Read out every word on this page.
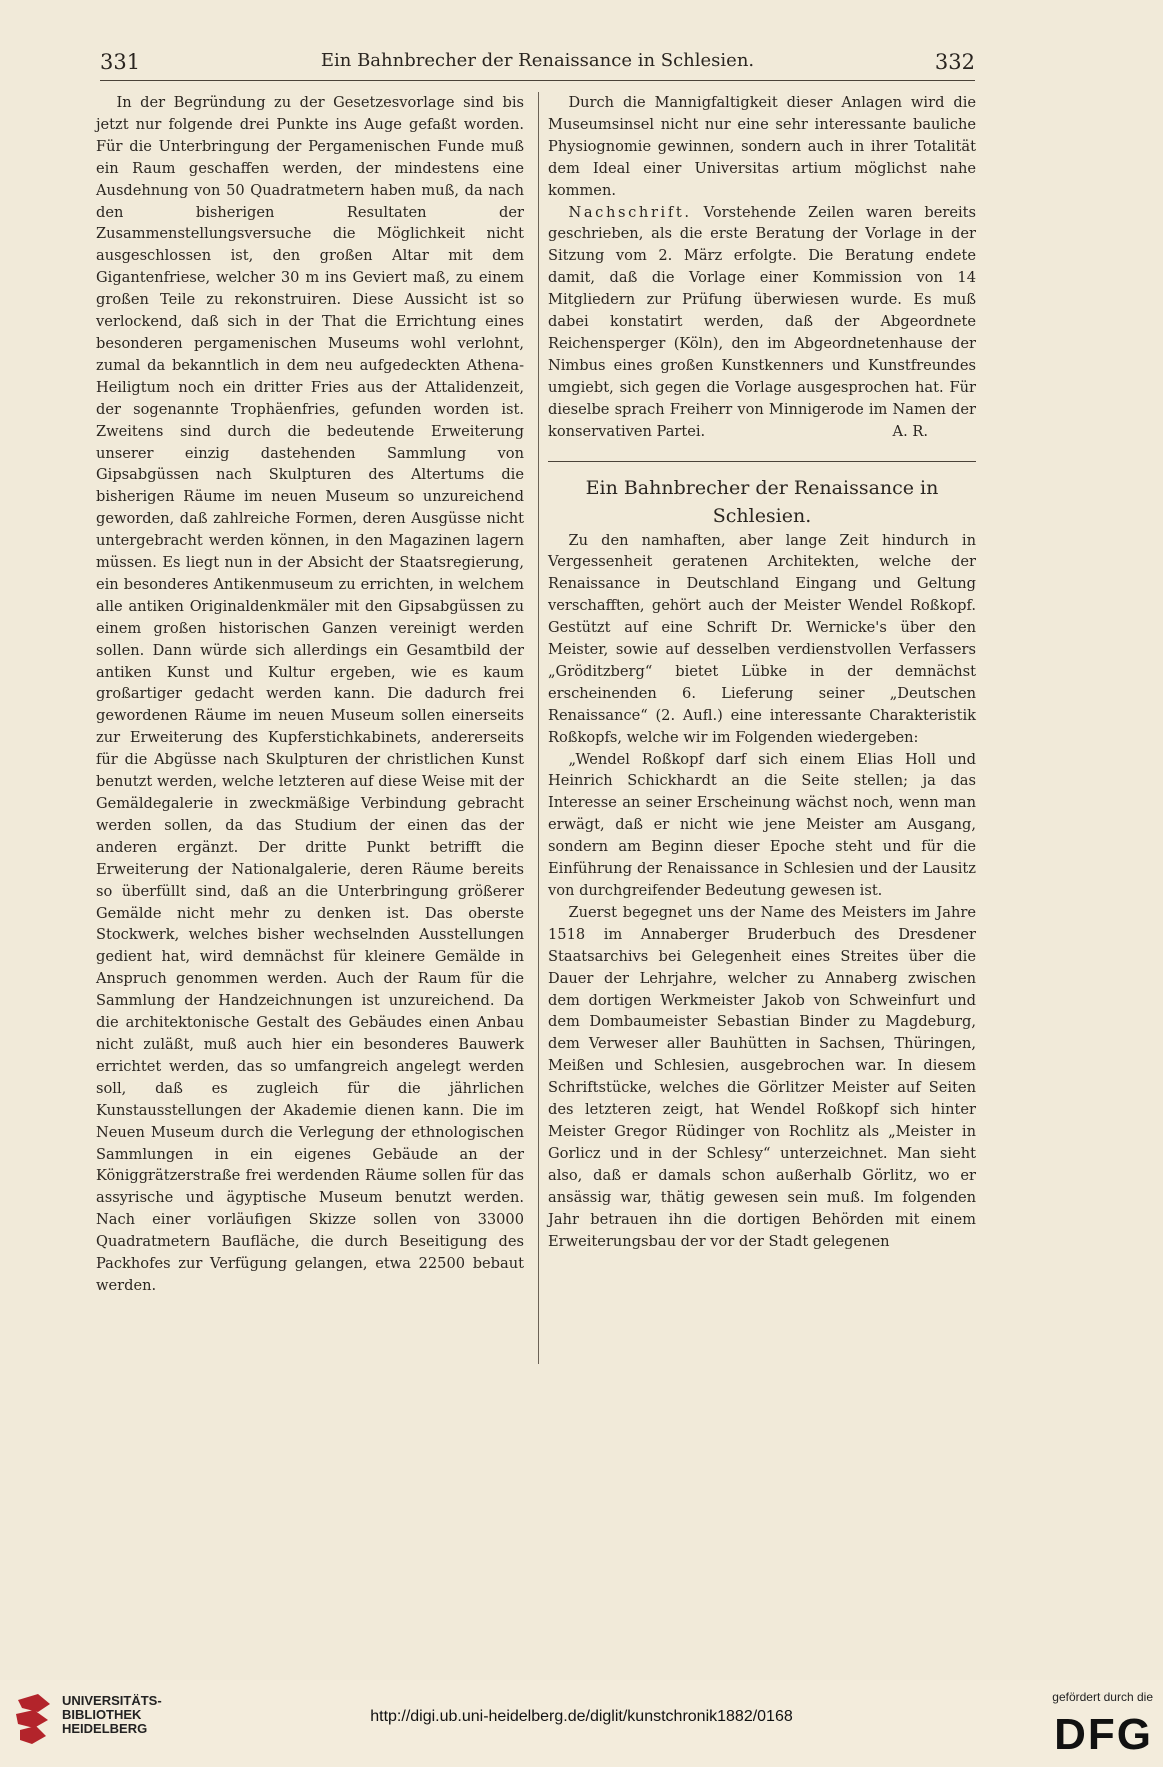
331	Ein Bahnbrecher der Renaissance in Schlesien.	332

In der Begründung zu der Gesetzesvorlage sind bis jetzt nur folgende drei Punkte ins Auge gefaßt worden. Für die Unterbringung der Pergamenischen Funde muß ein Raum geschaffen werden, der mindestens eine Ausdehnung von 50 Quadratmetern haben muß, da nach den bisherigen Resultaten der Zusammenstellungsversuche die Möglichkeit nicht ausgeschlossen ist, den großen Altar mit dem Gigantenfriese, welcher 30 m ins Geviert maß, zu einem großen Teile zu rekonstruiren. Diese Aussicht ist so verlockend, daß sich in der That die Errichtung eines besonderen pergamenischen Museums wohl verlohnt, zumal da bekanntlich in dem neu aufgedeckten Athena-Heiligtum noch ein dritter Fries aus der Attalidenzeit, der sogenannte Trophäenfries, gefunden worden ist. Zweitens sind durch die bedeutende Erweiterung unserer einzig dastehenden Sammlung von Gipsabgüssen nach Skulpturen des Altertums die bisherigen Räume im neuen Museum so unzureichend geworden, daß zahlreiche Formen, deren Ausgüsse nicht untergebracht werden können, in den Magazinen lagern müssen. Es liegt nun in der Absicht der Staatsregierung, ein besonderes Antikenmuseum zu errichten, in welchem alle antiken Originaldenkmäler mit den Gipsabgüssen zu einem großen historischen Ganzen vereinigt werden sollen. Dann würde sich allerdings ein Gesamtbild der antiken Kunst und Kultur ergeben, wie es kaum großartiger gedacht werden kann. Die dadurch frei gewordenen Räume im neuen Museum sollen einerseits zur Erweiterung des Kupferstichkabinets, andererseits für die Abgüsse nach Skulpturen der christlichen Kunst benutzt werden, welche letzteren auf diese Weise mit der Gemäldegalerie in zweckmäßige Verbindung gebracht werden sollen, da das Studium der einen das der anderen ergänzt. Der dritte Punkt betrifft die Erweiterung der Nationalgalerie, deren Räume bereits so überfüllt sind, daß an die Unterbringung größerer Gemälde nicht mehr zu denken ist. Das oberste Stockwerk, welches bisher wechselnden Ausstellungen gedient hat, wird demnächst für kleinere Gemälde in Anspruch genommen werden. Auch der Raum für die Sammlung der Handzeichnungen ist unzureichend. Da die architektonische Gestalt des Gebäudes einen Anbau nicht zuläßt, muß auch hier ein besonderes Bauwerk errichtet werden, das so umfangreich angelegt werden soll, daß es zugleich für die jährlichen Kunstausstellungen der Akademie dienen kann. Die im Neuen Museum durch die Verlegung der ethnologischen Sammlungen in ein eigenes Gebäude an der Königgrätzerstraße frei werdenden Räume sollen für das assyrische und ägyptische Museum benutzt werden. Nach einer vorläufigen Skizze sollen von 33000 Quadratmetern Baufläche, die durch Beseitigung des Packhofes zur Verfügung gelangen, etwa 22500 bebaut werden.

Durch die Mannigfaltigkeit dieser Anlagen wird die Museumsinsel nicht nur eine sehr interessante bauliche Physiognomie gewinnen, sondern auch in ihrer Totalität dem Ideal einer Universitas artium möglichst nahe kommen.

Nachschrift. Vorstehende Zeilen waren bereits geschrieben, als die erste Beratung der Vorlage in der Sitzung vom 2. März erfolgte. Die Beratung endete damit, daß die Vorlage einer Kommission von 14 Mitgliedern zur Prüfung überwiesen wurde. Es muß dabei konstatirt werden, daß der Abgeordnete Reichensperger (Köln), den im Abgeordnetenhause der Nimbus eines großen Kunstkenners und Kunstfreundes umgiebt, sich gegen die Vorlage ausgesprochen hat. Für dieselbe sprach Freiherr von Minnigerode im Namen der konservativen Partei.	A. R.

Ein Bahnbrecher der Renaissance in Schlesien.

Zu den namhaften, aber lange Zeit hindurch in Vergessenheit geratenen Architekten, welche der Renaissance in Deutschland Eingang und Geltung verschafften, gehört auch der Meister Wendel Roßkopf. Gestützt auf eine Schrift Dr. Wernicke's über den Meister, sowie auf desselben verdienstvollen Verfassers „Gröditzberg“ bietet Lübke in der demnächst erscheinenden 6. Lieferung seiner „Deutschen Renaissance“ (2. Aufl.) eine interessante Charakteristik Roßkopfs, welche wir im Folgenden wiedergeben:

„Wendel Roßkopf darf sich einem Elias Holl und Heinrich Schickhardt an die Seite stellen; ja das Interesse an seiner Erscheinung wächst noch, wenn man erwägt, daß er nicht wie jene Meister am Ausgang, sondern am Beginn dieser Epoche steht und für die Einführung der Renaissance in Schlesien und der Lausitz von durchgreifender Bedeutung gewesen ist.

Zuerst begegnet uns der Name des Meisters im Jahre 1518 im Annaberger Bruderbuch des Dresdener Staatsarchivs bei Gelegenheit eines Streites über die Dauer der Lehrjahre, welcher zu Annaberg zwischen dem dortigen Werkmeister Jakob von Schweinfurt und dem Dombaumeister Sebastian Binder zu Magdeburg, dem Verweser aller Bauhütten in Sachsen, Thüringen, Meißen und Schlesien, ausgebrochen war. In diesem Schriftstücke, welches die Görlitzer Meister auf Seiten des letzteren zeigt, hat Wendel Roßkopf sich hinter Meister Gregor Rüdinger von Rochlitz als „Meister in Gorlicz und in der Schlesy“ unterzeichnet. Man sieht also, daß er damals schon außerhalb Görlitz, wo er ansässig war, thätig gewesen sein muß. Im folgenden Jahr betrauen ihn die dortigen Behörden mit einem Erweiterungsbau der vor der Stadt gelegenen

UNIVERSITÄTS-
BIBLIOTHEK
HEIDELBERG
http://digi.ub.uni-heidelberg.de/diglit/kunstchronik1882/0168
gefördert durch die
DFG
